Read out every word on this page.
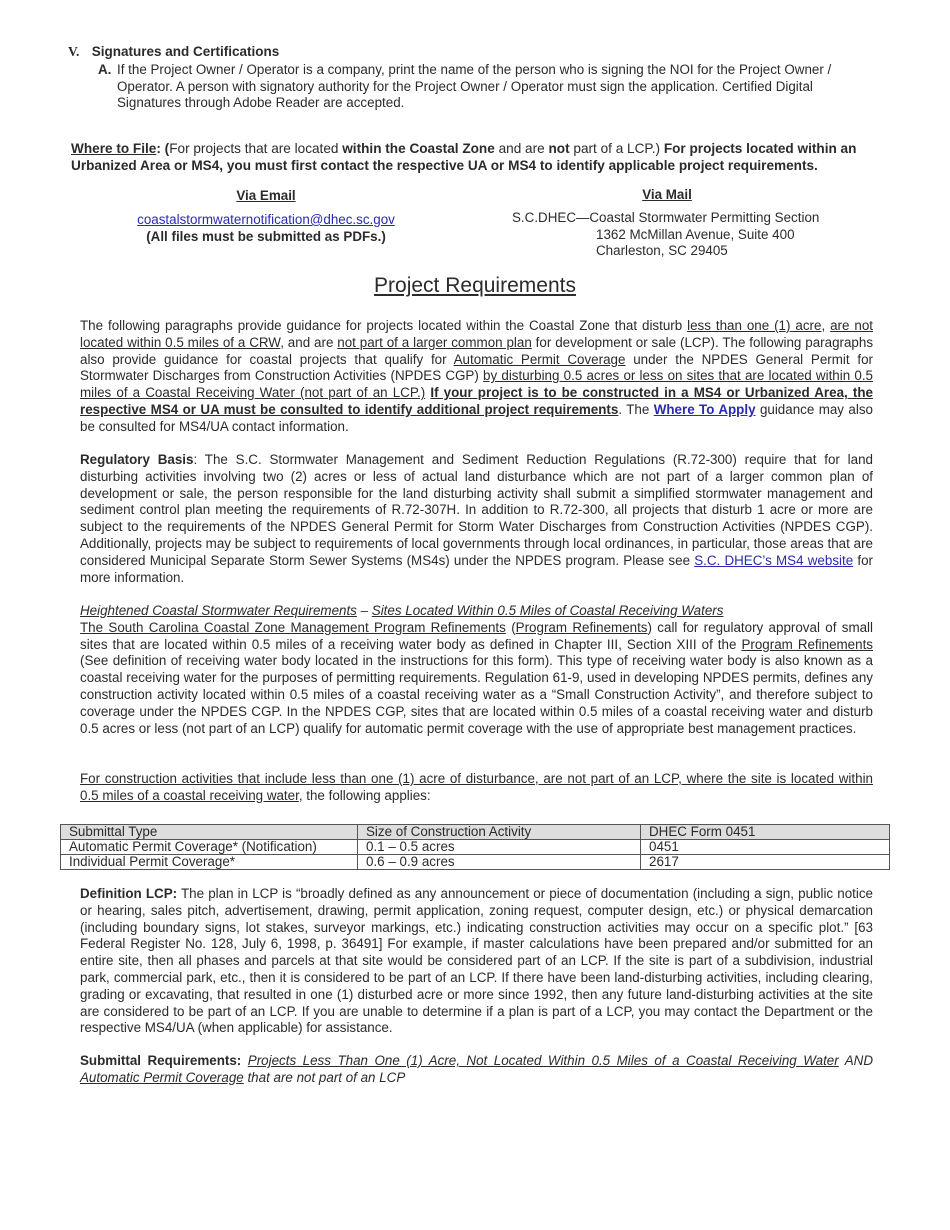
V. Signatures and Certifications
A. If the Project Owner / Operator is a company, print the name of the person who is signing the NOI for the Project Owner / Operator. A person with signatory authority for the Project Owner / Operator must sign the application. Certified Digital Signatures through Adobe Reader are accepted.
Where to File: (For projects that are located within the Coastal Zone and are not part of a LCP.) For projects located within an Urbanized Area or MS4, you must first contact the respective UA or MS4 to identify applicable project requirements.
Via Email
coastalstormwaternotification@dhec.sc.gov
(All files must be submitted as PDFs.)
Via Mail
S.C.DHEC—Coastal Stormwater Permitting Section
1362 McMillan Avenue, Suite 400
Charleston, SC 29405
Project Requirements
The following paragraphs provide guidance for projects located within the Coastal Zone that disturb less than one (1) acre, are not located within 0.5 miles of a CRW, and are not part of a larger common plan for development or sale (LCP). The following paragraphs also provide guidance for coastal projects that qualify for Automatic Permit Coverage under the NPDES General Permit for Stormwater Discharges from Construction Activities (NPDES CGP) by disturbing 0.5 acres or less on sites that are located within 0.5 miles of a Coastal Receiving Water (not part of an LCP.) If your project is to be constructed in a MS4 or Urbanized Area, the respective MS4 or UA must be consulted to identify additional project requirements. The Where To Apply guidance may also be consulted for MS4/UA contact information.
Regulatory Basis: The S.C. Stormwater Management and Sediment Reduction Regulations (R.72-300) require that for land disturbing activities involving two (2) acres or less of actual land disturbance which are not part of a larger common plan of development or sale, the person responsible for the land disturbing activity shall submit a simplified stormwater management and sediment control plan meeting the requirements of R.72-307H. In addition to R.72-300, all projects that disturb 1 acre or more are subject to the requirements of the NPDES General Permit for Storm Water Discharges from Construction Activities (NPDES CGP). Additionally, projects may be subject to requirements of local governments through local ordinances, in particular, those areas that are considered Municipal Separate Storm Sewer Systems (MS4s) under the NPDES program. Please see S.C. DHEC’s MS4 website for more information.
Heightened Coastal Stormwater Requirements – Sites Located Within 0.5 Miles of Coastal Receiving Waters
The South Carolina Coastal Zone Management Program Refinements (Program Refinements) call for regulatory approval of small sites that are located within 0.5 miles of a receiving water body as defined in Chapter III, Section XIII of the Program Refinements (See definition of receiving water body located in the instructions for this form). This type of receiving water body is also known as a coastal receiving water for the purposes of permitting requirements. Regulation 61-9, used in developing NPDES permits, defines any construction activity located within 0.5 miles of a coastal receiving water as a “Small Construction Activity”, and therefore subject to coverage under the NPDES CGP. In the NPDES CGP, sites that are located within 0.5 miles of a coastal receiving water and disturb 0.5 acres or less (not part of an LCP) qualify for automatic permit coverage with the use of appropriate best management practices.
For construction activities that include less than one (1) acre of disturbance, are not part of an LCP, where the site is located within 0.5 miles of a coastal receiving water, the following applies:
Submittal Type	Size of Construction Activity	DHEC Form 0451
Automatic Permit Coverage* (Notification)	0.1 – 0.5 acres	0451
Individual Permit Coverage*	0.6 – 0.9 acres	2617
Definition LCP: The plan in LCP is “broadly defined as any announcement or piece of documentation (including a sign, public notice or hearing, sales pitch, advertisement, drawing, permit application, zoning request, computer design, etc.) or physical demarcation (including boundary signs, lot stakes, surveyor markings, etc.) indicating construction activities may occur on a specific plot.” [63 Federal Register No. 128, July 6, 1998, p. 36491] For example, if master calculations have been prepared and/or submitted for an entire site, then all phases and parcels at that site would be considered part of an LCP. If the site is part of a subdivision, industrial park, commercial park, etc., then it is considered to be part of an LCP. If there have been land-disturbing activities, including clearing, grading or excavating, that resulted in one (1) disturbed acre or more since 1992, then any future land-disturbing activities at the site are considered to be part of an LCP. If you are unable to determine if a plan is part of a LCP, you may contact the Department or the respective MS4/UA (when applicable) for assistance.
Submittal Requirements: Projects Less Than One (1) Acre, Not Located Within 0.5 Miles of a Coastal Receiving Water AND Automatic Permit Coverage that are not part of an LCP
